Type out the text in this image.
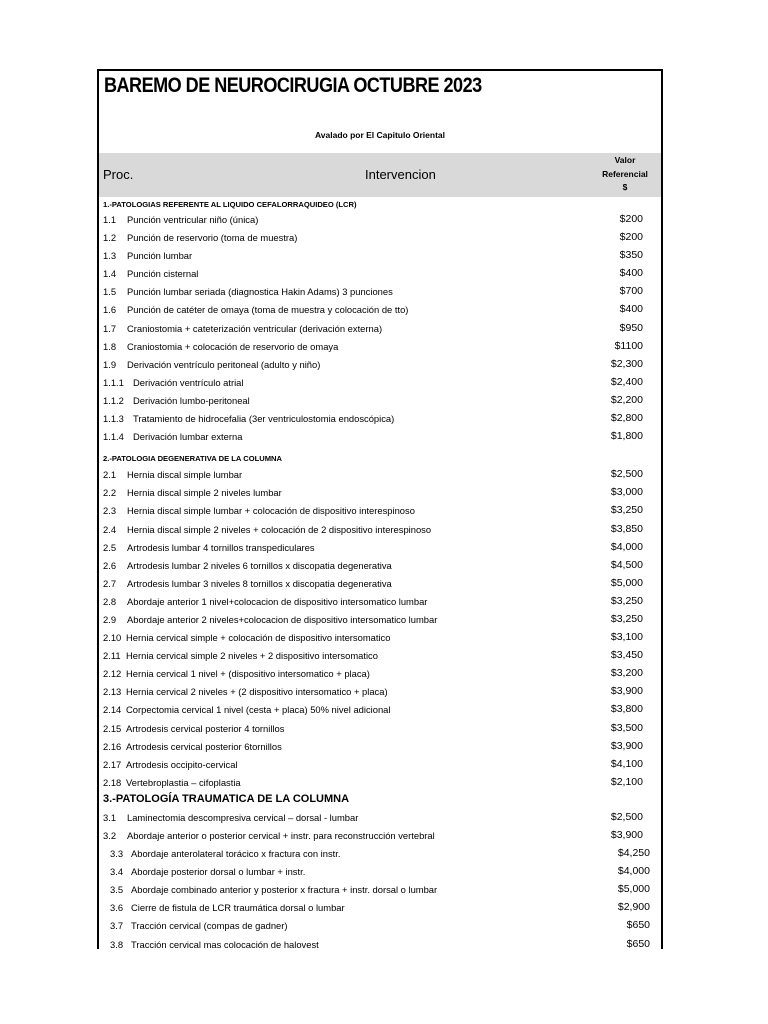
BAREMO DE NEUROCIRUGIA OCTUBRE 2023
Avalado por El Capitulo Oriental
Proc.	Intervencion
Valor
Referencial
$
1.-PATOLOGIAS REFERENTE AL LIQUIDO CEFALORRAQUIDEO (LCR)
1.1 Punción ventricular niño (única)	$200
1.2 Punción de reservorio (toma de muestra)	$200
1.3 Punción lumbar	$350
1.4 Punción cisternal	$400
1.5 Punción lumbar seriada (diagnostica Hakin Adams) 3 punciones	$700
1.6 Punción de catéter de omaya (toma de muestra y colocación de tto)	$400
1.7 Craniostomia + cateterización ventricular (derivación externa)	$950
1.8 Craniostomia + colocación de reservorio de omaya	$1100
1.9 Derivación ventrículo peritoneal (adulto y niño)	$2,300
1.1.1 Derivación ventrículo atrial	$2,400
1.1.2 Derivación lumbo-peritoneal	$2,200
1.1.3 Tratamiento de hidrocefalia (3er ventriculostomia endoscópica)	$2,800
1.1.4 Derivación lumbar externa	$1,800
2.-PATOLOGIA DEGENERATIVA DE LA COLUMNA
2.1 Hernia discal simple lumbar	$2,500
2.2 Hernia discal simple 2 niveles lumbar	$3,000
2.3 Hernia discal simple lumbar + colocación de dispositivo interespinoso	$3,250
2.4 Hernia discal simple 2 niveles + colocación de 2 dispositivo interespinoso	$3,850
2.5 Artrodesis lumbar 4 tornillos transpediculares	$4,000
2.6 Artrodesis lumbar 2 niveles 6 tornillos x discopatia degenerativa	$4,500
2.7 Artrodesis lumbar 3 niveles 8 tornillos x discopatia degenerativa	$5,000
2.8 Abordaje anterior 1 nivel+colocacion de dispositivo intersomatico lumbar	$3,250
2.9 Abordaje anterior 2 niveles+colocacion de dispositivo intersomatico lumbar	$3,250
2.10 Hernia cervical simple + colocación de dispositivo intersomatico	$3,100
2.11 Hernia cervical simple 2 niveles + 2 dispositivo intersomatico	$3,450
2.12 Hernia cervical 1 nivel + (dispositivo intersomatico + placa)	$3,200
2.13 Hernia cervical 2 niveles + (2 dispositivo intersomatico + placa)	$3,900
2.14 Corpectomia cervical 1 nivel (cesta + placa) 50% nivel adicional	$3,800
2.15 Artrodesis cervical posterior 4 tornillos	$3,500
2.16 Artrodesis cervical posterior 6tornillos	$3,900
2.17 Artrodesis occipito-cervical	$4,100
2.18 Vertebroplastia – cifoplastia	$2,100
3.-PATOLOGÍA TRAUMATICA DE LA COLUMNA
3.1 Laminectomia descompresiva cervical – dorsal - lumbar	$2,500
3.2 Abordaje anterior o posterior cervical + instr. para reconstrucción vertebral	$3,900
3.3 Abordaje anterolateral torácico x fractura con instr.	$4,250
3.4 Abordaje posterior dorsal o lumbar + instr.	$4,000
3.5 Abordaje combinado anterior y posterior x fractura + instr. dorsal o lumbar	$5,000
3.6 Cierre de fistula de LCR traumática dorsal o lumbar	$2,900
3.7 Tracción cervical (compas de gadner)	$650
3.8 Tracción cervical mas colocación de halovest	$650
